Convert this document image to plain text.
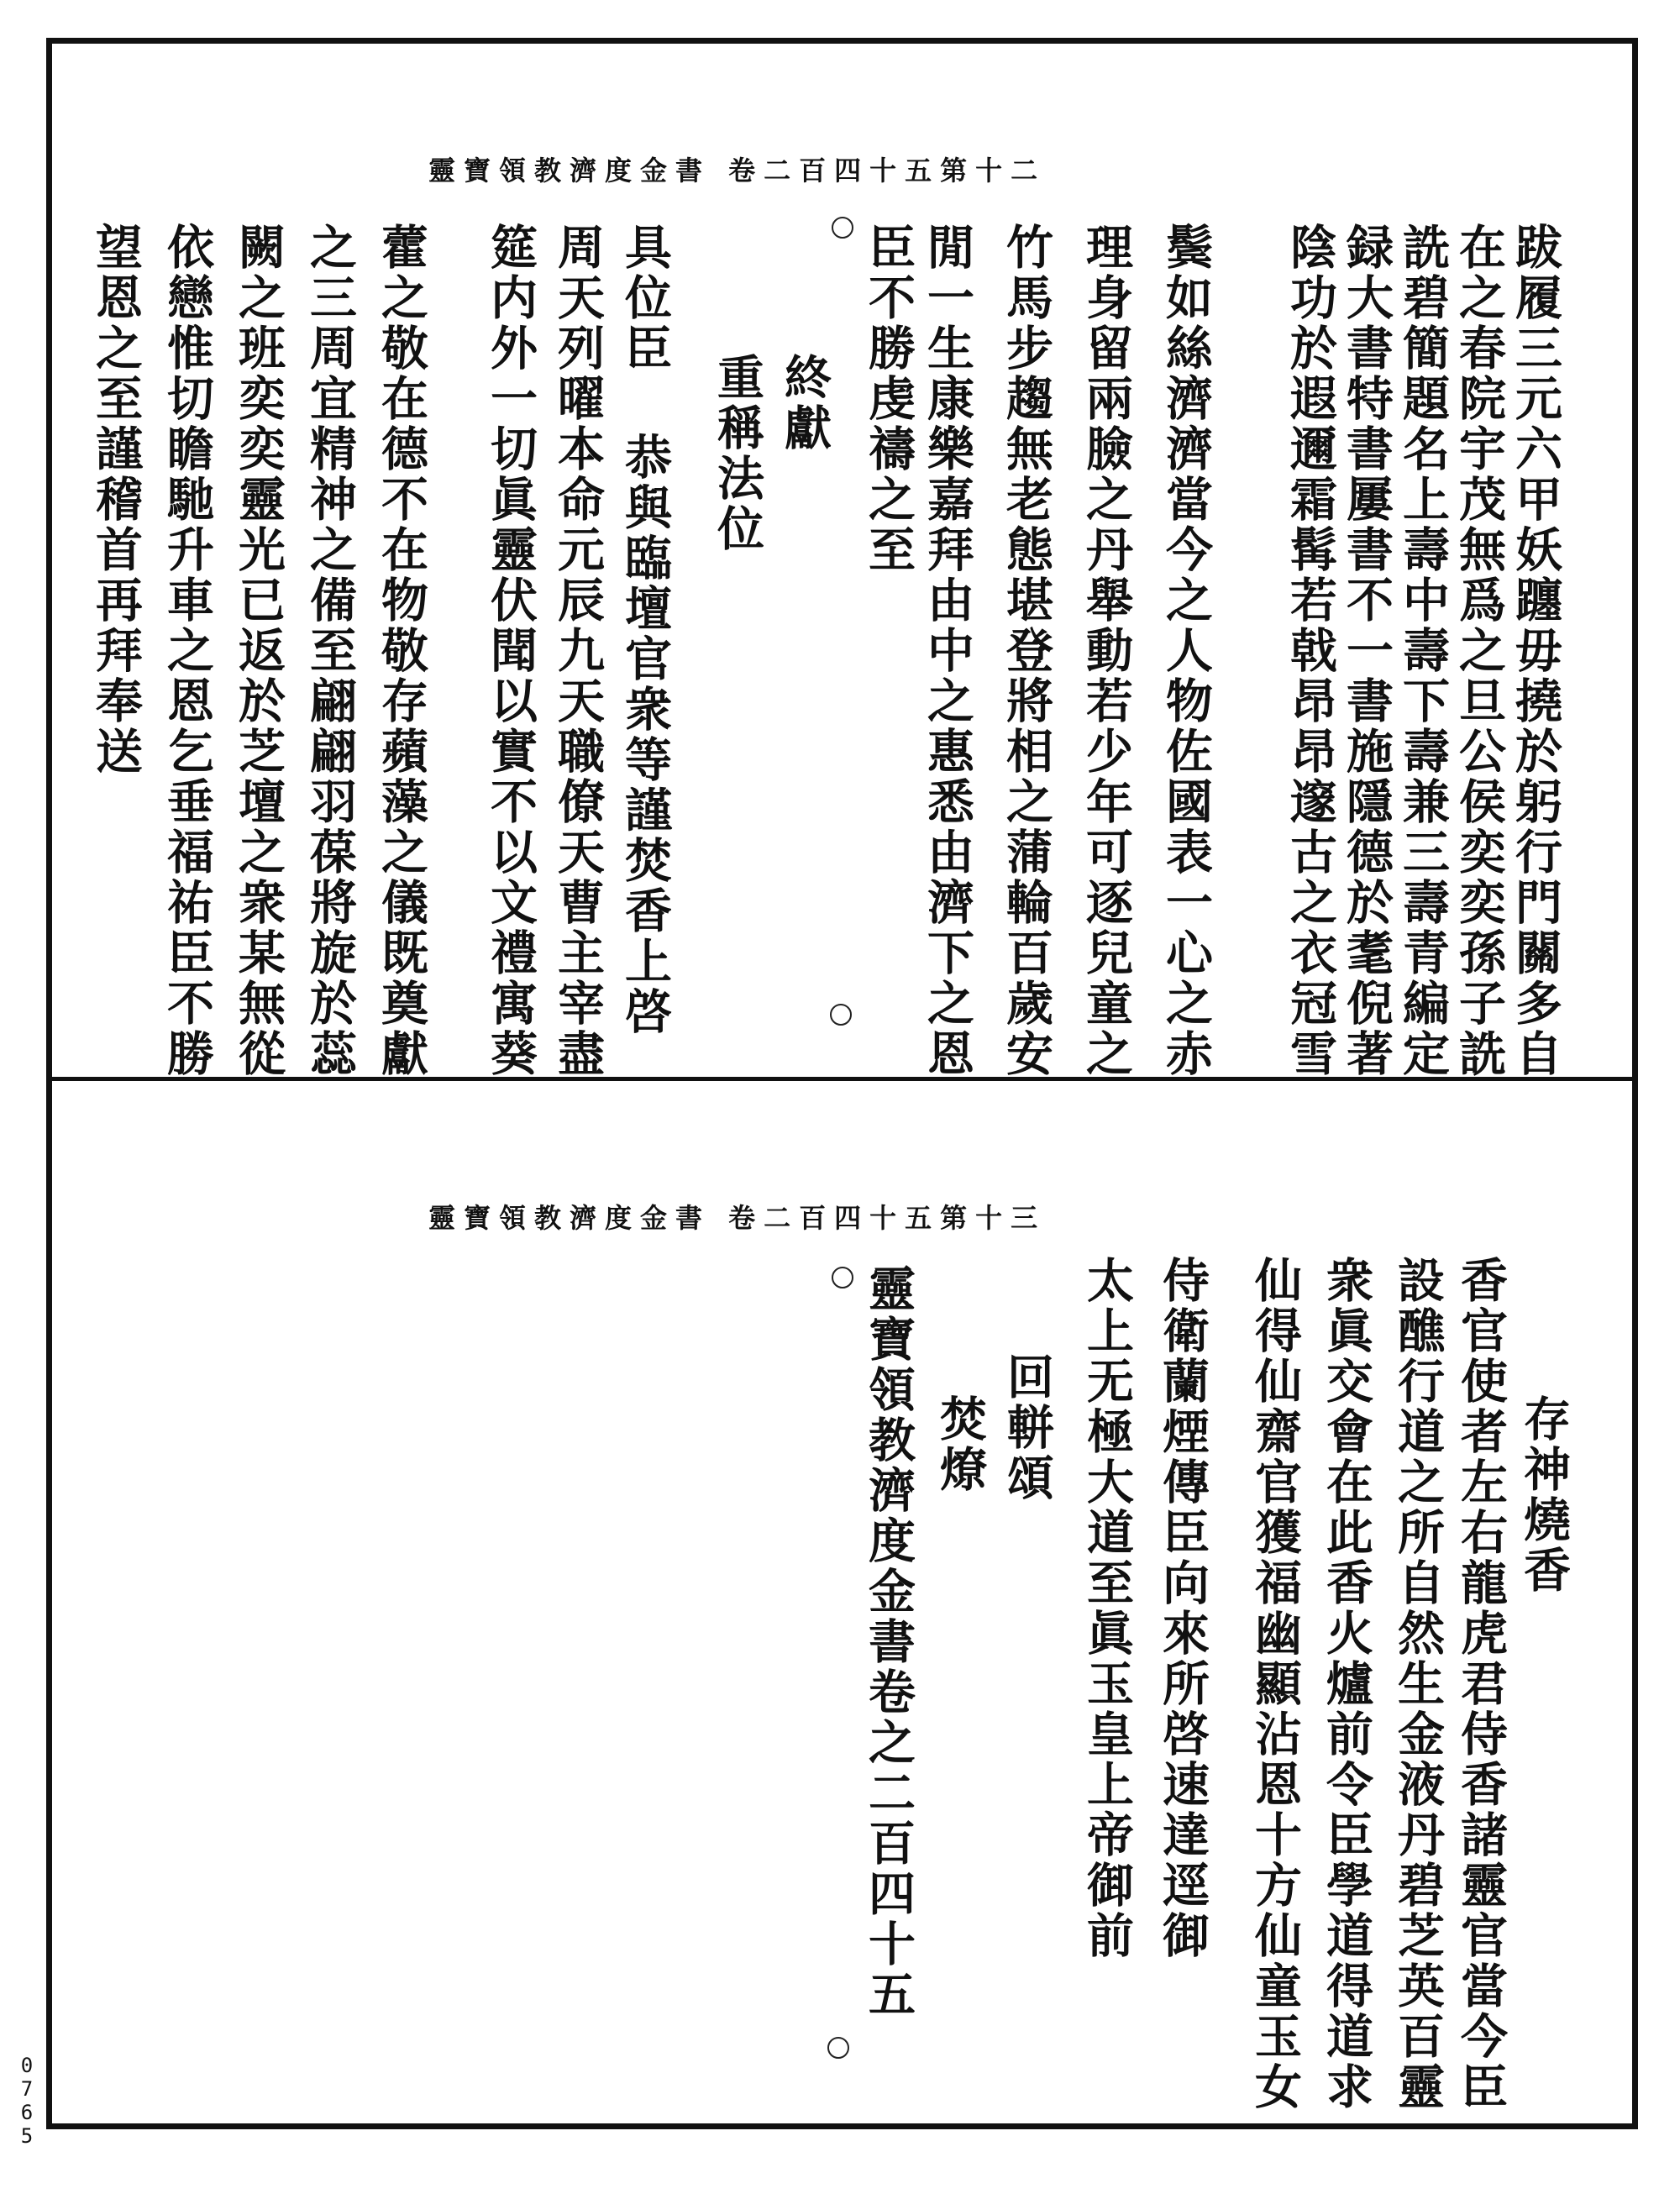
靈寶領教濟度金書 卷二百四十五第十二
跋履三元六甲妖躔毋撓於躬行門關多自
在之春院宇茂無爲之旦公侯奕奕孫子詵
詵碧簡題名上壽中壽下壽兼三壽青編定
録大書特書屢書不一書施隱德於耄倪著
陰功於遐邇霜髯若戟昂昂邃古之衣冠雪
鬓如絲濟濟當今之人物佐國表一心之赤
理身留兩臉之丹舉動若少年可逐兒童之
竹馬步趨無老態堪登將相之蒲輪百歲安
閒一生康樂嘉拜由中之惠悉由濟下之恩
臣不勝虔禱之至
終獻
重稱法位
具位臣 恭與臨壇官衆等謹焚香上啓
周天列曜本命元辰九天職僚天曹主宰盡
筵内外一切眞靈伏聞以實不以文禮寓葵
藿之敬在德不在物敬存蘋藻之儀既奠獻
之三周宜精神之備至翩翩羽葆將旋於蕊
闕之班奕奕靈光已返於芝壇之衆某無從
依戀惟切瞻馳升車之恩乞垂福祐臣不勝
望恩之至謹稽首再拜奉送
靈寶領教濟度金書 卷二百四十五第十三
存神燒香
香官使者左右龍虎君侍香諸靈官當今臣
設醮行道之所自然生金液丹碧芝英百靈
衆眞交會在此香火爐前令臣學道得道求
仙得仙齋官獲福幽顯沾恩十方仙童玉女
侍衛蘭煙傳臣向來所啓速達逕御
太上无極大道至眞玉皇上帝御前
回軿頌
焚燎
靈寶領教濟度金書卷之二百四十五
0765
